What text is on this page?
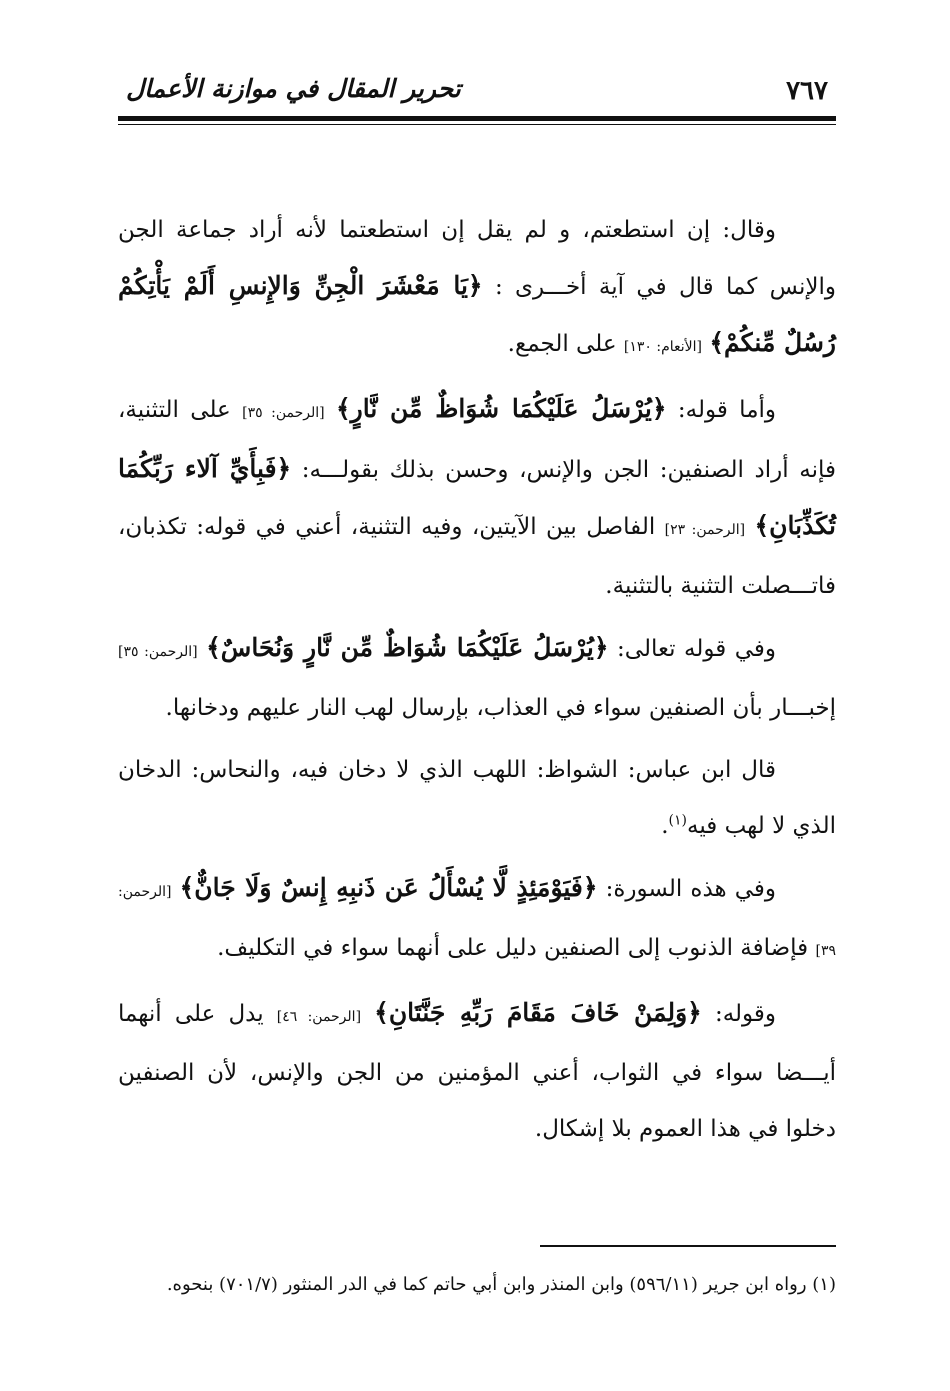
٧٦٧
تحرير المقال في موازنة الأعمال

وقال: إن استطعتم، و لم يقل إن استطعتما لأنه أراد جماعة الجن والإنس كما قال في آية أخـــرى : ﴿يَا مَعْشَرَ الْجِنِّ وَالإِنسِ أَلَمْ يَأْتِكُمْ رُسُلٌ مِّنكُمْ﴾ [الأنعام: ١٣٠] على الجمع.

وأما قوله: ﴿يُرْسَلُ عَلَيْكُمَا شُوَاظٌ مِّن نَّارٍ﴾ [الرحمن: ٣٥] على التثنية، فإنه أراد الصنفين: الجن والإنس، وحسن بذلك بقولـــه: ﴿فَبِأَيِّ آلاء رَبِّكُمَا تُكَذِّبَانِ﴾ [الرحمن: ٢٣] الفاصل بين الآيتين، وفيه التثنية، أعني في قوله: تكذبان، فاتـــصلت التثنية بالتثنية.

وفي قوله تعالى: ﴿يُرْسَلُ عَلَيْكُمَا شُوَاظٌ مِّن نَّارٍ وَنُحَاسٌ﴾ [الرحمن: ٣٥] إخبـــار بأن الصنفين سواء في العذاب، بإرسال لهب النار عليهم ودخانها.

قال ابن عباس: الشواظ: اللهب الذي لا دخان فيه، والنحاس: الدخان الذي لا لهب فيه$^{(١)}$.

وفي هذه السورة: ﴿فَيَوْمَئِذٍ لَّا يُسْأَلُ عَن ذَنبِهِ إِنسٌ وَلَا جَانٌّ﴾ [الرحمن: ٣٩] فإضافة الذنوب إلى الصنفين دليل على أنهما سواء في التكليف.

وقوله: ﴿وَلِمَنْ خَافَ مَقَامَ رَبِّهِ جَنَّتَانِ﴾ [الرحمن: ٤٦] يدل على أنهما أيـــضا سواء في الثواب، أعني المؤمنين من الجن والإنس، لأن الصنفين دخلوا في هذا العموم بلا إشكال.

(١) رواه ابن جرير (٥٩٦/١١) وابن المنذر وابن أبي حاتم كما في الدر المنثور (٧٠١/٧) بنحوه.
